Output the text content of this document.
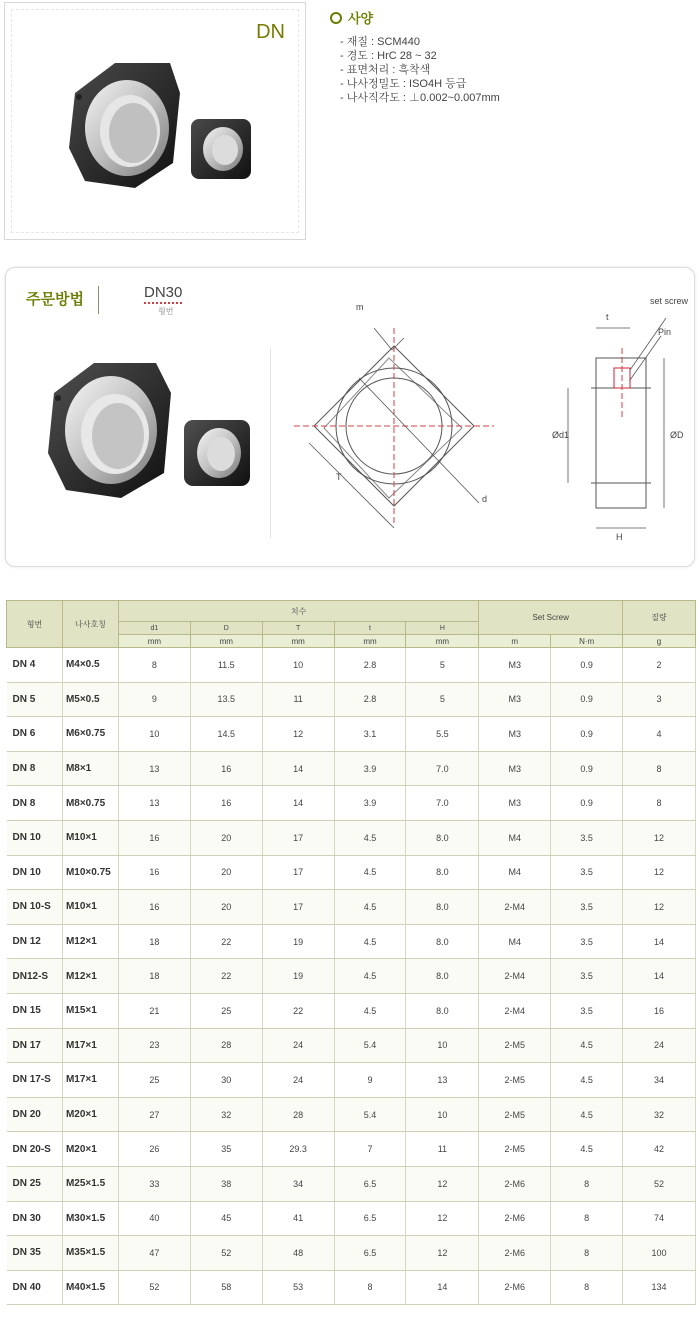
DN
사양
- 재질 : SCM440
- 경도 : HrC 28 ~ 32
- 표면처리 : 흑착색
- 나사정밀도 : ISO4H 등급
- 나사직각도 : ⊥0.002~0.007mm
주문방법	DN30
형번	m
T
d
set screw
Pin
t
Ød1	ØD
H
형번	나사호칭	치수					Set Screw		질량
		d1	D	T	t	H			
		mm	mm	mm	mm	mm	m	N·m	g
DN 4	M4×0.5	8	11.5	10	2.8	5	M3	0.9	2
DN 5	M5×0.5	9	13.5	11	2.8	5	M3	0.9	3
DN 6	M6×0.75	10	14.5	12	3.1	5.5	M3	0.9	4
DN 8	M8×1	13	16	14	3.9	7.0	M3	0.9	8
DN 8	M8×0.75	13	16	14	3.9	7.0	M3	0.9	8
DN 10	M10×1	16	20	17	4.5	8.0	M4	3.5	12
DN 10	M10×0.75	16	20	17	4.5	8.0	M4	3.5	12
DN 10-S	M10×1	16	20	17	4.5	8.0	2-M4	3.5	12
DN 12	M12×1	18	22	19	4.5	8.0	M4	3.5	14
DN12-S	M12×1	18	22	19	4.5	8.0	2-M4	3.5	14
DN 15	M15×1	21	25	22	4.5	8.0	2-M4	3.5	16
DN 17	M17×1	23	28	24	5.4	10	2-M5	4.5	24
DN 17-S	M17×1	25	30	24	9	13	2-M5	4.5	34
DN 20	M20×1	27	32	28	5.4	10	2-M5	4.5	32
DN 20-S	M20×1	26	35	29.3	7	11	2-M5	4.5	42
DN 25	M25×1.5	33	38	34	6.5	12	2-M6	8	52
DN 30	M30×1.5	40	45	41	6.5	12	2-M6	8	74
DN 35	M35×1.5	47	52	48	6.5	12	2-M6	8	100
DN 40	M40×1.5	52	58	53	8	14	2-M6	8	134
